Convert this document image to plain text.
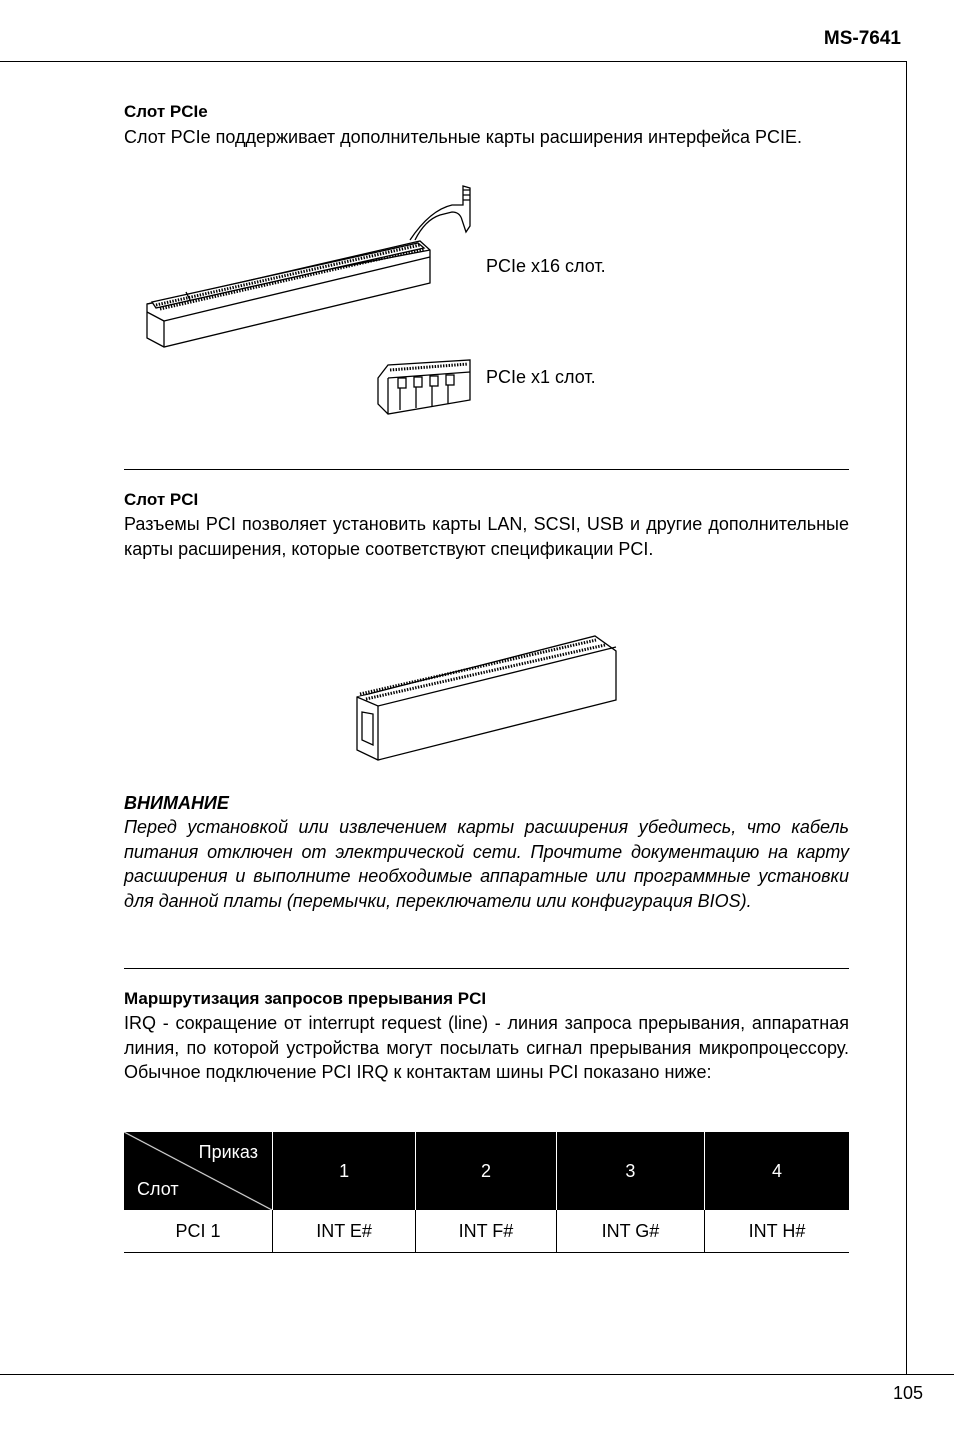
MS-7641
Слот PCIe
Слот PCIe поддерживает дополнительные карты расширения интерфейса PCIE.
PCIe x16 слот.
PCIe x1 слот.
Слот PCI
Разъемы PCI позволяет установить карты LAN, SCSI, USB и другие дополнительные карты расширения, которые соответствуют спецификации PCI.
ВНИМАНИЕ
Перед установкой или извлечением карты расширения убедитесь, что кабель питания отключен от электрической сети. Прочтите документацию на карту расширения и выполните необходимые аппаратные или программные установки для данной платы (перемычки, переключатели или конфигурация BIOS).
Маршрутизация запросов прерывания PCI
IRQ - сокращение от interrupt request (line) - линия запроса прерывания, аппаратная линия, по которой устройства могут посылать сигнал прерывания микропроцессору. Обычное подключение PCI IRQ к контактам шины PCI показано ниже:
Приказ
Слот	1	2	3	4
PCI 1	INT E#	INT F#	INT G#	INT H#
105
